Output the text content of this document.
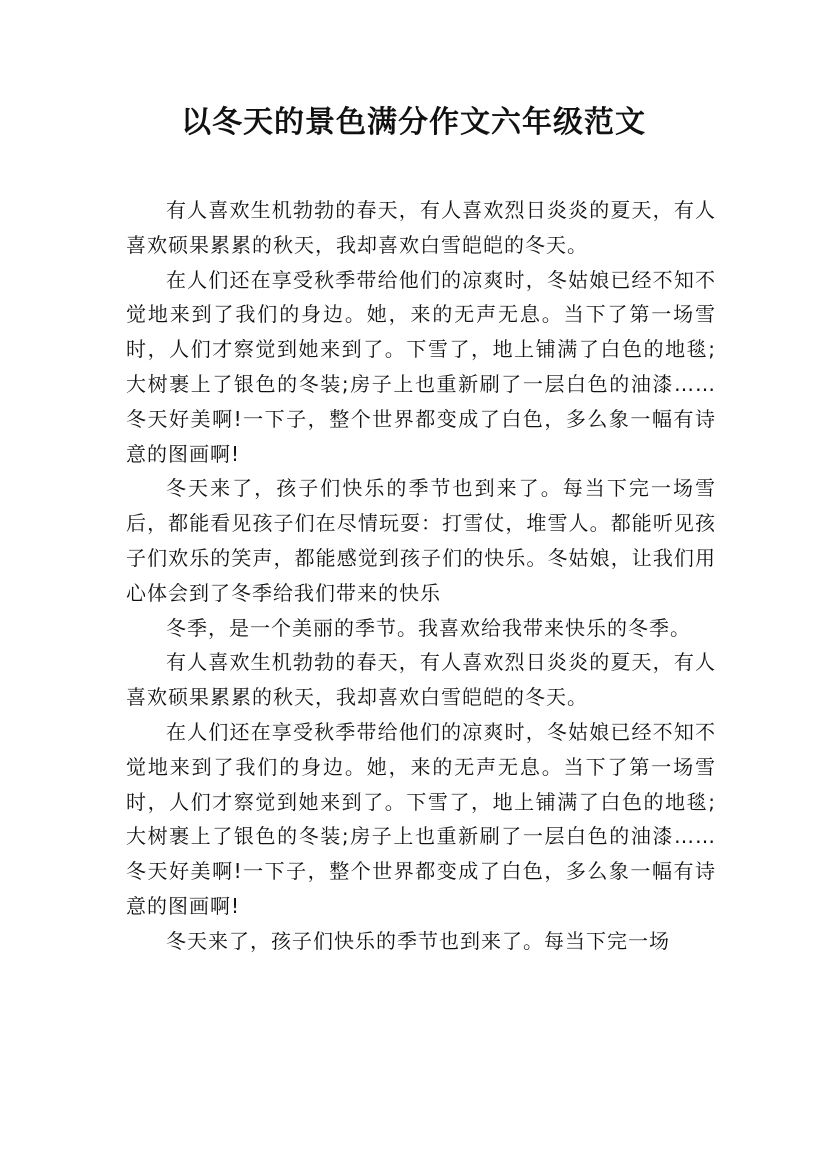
以冬天的景色满分作文六年级范文

有人喜欢生机勃勃的春天，有人喜欢烈日炎炎的夏天，有人喜欢硕果累累的秋天，我却喜欢白雪皑皑的冬天。

在人们还在享受秋季带给他们的凉爽时，冬姑娘已经不知不觉地来到了我们的身边。她，来的无声无息。当下了第一场雪时，人们才察觉到她来到了。下雪了，地上铺满了白色的地毯;大树裹上了银色的冬装;房子上也重新刷了一层白色的油漆……冬天好美啊!一下子，整个世界都变成了白色，多么象一幅有诗意的图画啊!

冬天来了，孩子们快乐的季节也到来了。每当下完一场雪后，都能看见孩子们在尽情玩耍：打雪仗，堆雪人。都能听见孩子们欢乐的笑声，都能感觉到孩子们的快乐。冬姑娘，让我们用心体会到了冬季给我们带来的快乐

冬季，是一个美丽的季节。我喜欢给我带来快乐的冬季。

有人喜欢生机勃勃的春天，有人喜欢烈日炎炎的夏天，有人喜欢硕果累累的秋天，我却喜欢白雪皑皑的冬天。

在人们还在享受秋季带给他们的凉爽时，冬姑娘已经不知不觉地来到了我们的身边。她，来的无声无息。当下了第一场雪时，人们才察觉到她来到了。下雪了，地上铺满了白色的地毯;大树裹上了银色的冬装;房子上也重新刷了一层白色的油漆……冬天好美啊!一下子，整个世界都变成了白色，多么象一幅有诗意的图画啊!

冬天来了，孩子们快乐的季节也到来了。每当下完一场
